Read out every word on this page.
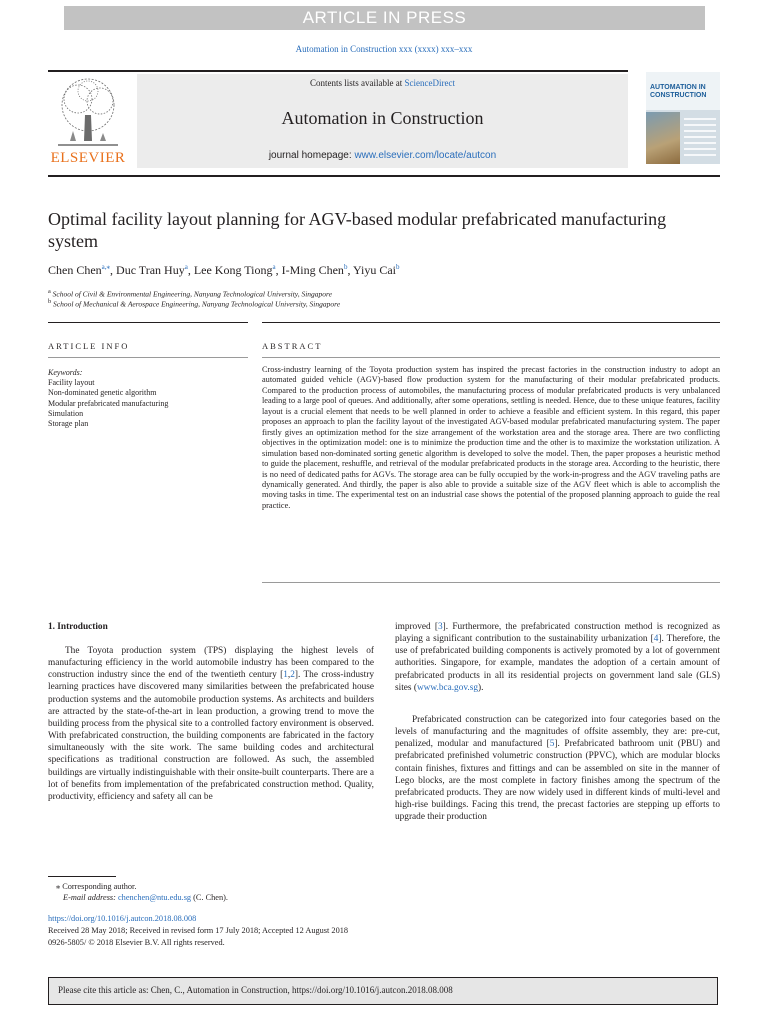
ARTICLE IN PRESS
Automation in Construction xxx (xxxx) xxx–xxx
ELSEVIER
Contents lists available at ScienceDirect
Automation in Construction
journal homepage: www.elsevier.com/locate/autcon
AUTOMATION IN CONSTRUCTION
Optimal facility layout planning for AGV-based modular prefabricated manufacturing system
Chen Chen$^{a,⁎}$, Duc Tran Huy$^a$, Lee Kong Tiong$^a$, I-Ming Chen$^b$, Yiyu Cai$^b$
$^a$ School of Civil & Environmental Engineering, Nanyang Technological University, Singapore
$^b$ School of Mechanical & Aerospace Engineering, Nanyang Technological University, Singapore
ARTICLE INFO	ABSTRACT
Keywords:
Facility layout
Non-dominated genetic algorithm
Modular prefabricated manufacturing
Simulation
Storage plan

Cross-industry learning of the Toyota production system has inspired the precast factories in the construction industry to adopt an automated guided vehicle (AGV)-based flow production system for the manufacturing of their modular prefabricated products. Compared to the production process of automobiles, the manufacturing process of modular prefabricated products is very unbalanced leading to a large pool of queues. And additionally, after some operations, settling is needed. Hence, due to these unique features, facility layout is a crucial element that needs to be well planned in order to achieve a feasible and efficient system. In this regard, this paper proposes an approach to plan the facility layout of the investigated AGV-based modular prefabricated manufacturing system. The paper firstly gives an optimization method for the size arrangement of the workstation area and the storage area. There are two conflicting objectives in the optimization model: one is to minimize the production time and the other is to maximize the workstation utilization. A simulation based non-dominated sorting genetic algorithm is developed to solve the model. Then, the paper proposes a heuristic method to guide the placement, reshuffle, and retrieval of the modular prefabricated products in the storage area. According to the heuristic, there is no need of dedicated paths for AGVs. The storage area can be fully occupied by the work-in-progress and the AGV traveling paths are dynamically generated. And thirdly, the paper is also able to provide a suitable size of the AGV fleet which is able to accomplish the moving tasks in time. The experimental test on an industrial case shows the potential of the proposed planning approach to guide the real practice.

1. Introduction

The Toyota production system (TPS) displaying the highest levels of manufacturing efficiency in the world automobile industry has been compared to the construction industry since the end of the twentieth century [1,2]. The cross-industry learning practices have discovered many similarities between the prefabricated house production systems and the automobile production systems. As architects and builders are attracted by the state-of-the-art in lean production, a growing trend to move the building process from the physical site to a controlled factory environment is observed. With prefabricated construction, the building components are fabricated in the factory simultaneously with the site work. The same building codes and architectural specifications as traditional construction are followed. As such, the assembled buildings are virtually indistinguishable with their onsite-built counterparts. There are a lot of benefits from implementation of the prefabricated construction method. Quality, productivity, efficiency and safety all can be

improved [3]. Furthermore, the prefabricated construction method is recognized as playing a significant contribution to the sustainability urbanization [4]. Therefore, the use of prefabricated building components is actively promoted by a lot of government authorities. Singapore, for example, mandates the adoption of a certain amount of prefabricated products in all its residential projects on government land sale (GLS) sites (www.bca.gov.sg).

Prefabricated construction can be categorized into four categories based on the levels of manufacturing and the magnitudes of offsite assembly, they are: pre-cut, penalized, modular and manufactured [5]. Prefabricated bathroom unit (PBU) and prefabricated prefinished volumetric construction (PPVC), which are modular blocks contain finishes, fixtures and fittings and can be assembled on site in the manner of Lego blocks, are the most complete in factory finishes among the spectrum of the prefabricated products. They are now widely used in different kinds of multi-level and high-rise buildings. Facing this trend, the precast factories are stepping up efforts to upgrade their production

⁎ Corresponding author.
E-mail address: chenchen@ntu.edu.sg (C. Chen).
https://doi.org/10.1016/j.autcon.2018.08.008
Received 28 May 2018; Received in revised form 17 July 2018; Accepted 12 August 2018
0926-5805/ © 2018 Elsevier B.V. All rights reserved.
Please cite this article as: Chen, C., Automation in Construction, https://doi.org/10.1016/j.autcon.2018.08.008
